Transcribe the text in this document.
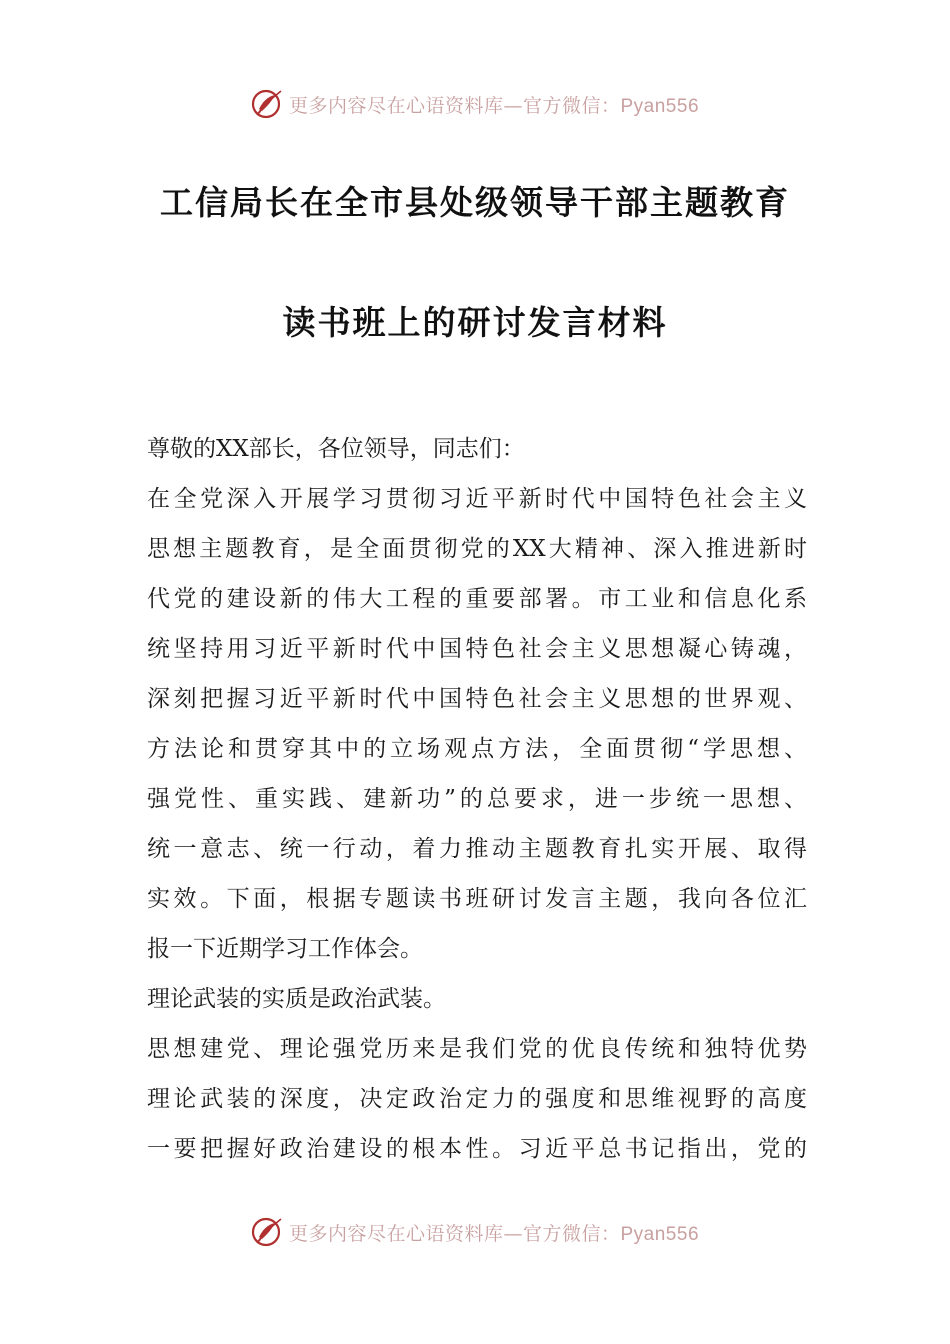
更多内容尽在心语资料库—官方微信：Pyan556
工信局长在全市县处级领导干部主题教育
读书班上的研讨发言材料
尊敬的XX部长，各位领导，同志们：
在全党深入开展学习贯彻习近平新时代中国特色社会主义
思想主题教育，是全面贯彻党的XX大精神、深入推进新时
代党的建设新的伟大工程的重要部署。市工业和信息化系
统坚持用习近平新时代中国特色社会主义思想凝心铸魂，
深刻把握习近平新时代中国特色社会主义思想的世界观、
方法论和贯穿其中的立场观点方法，全面贯彻“学思想、
强党性、重实践、建新功”的总要求，进一步统一思想、
统一意志、统一行动，着力推动主题教育扎实开展、取得
实效。下面，根据专题读书班研讨发言主题，我向各位汇
报一下近期学习工作体会。
理论武装的实质是政治武装。
思想建党、理论强党历来是我们党的优良传统和独特优势
理论武装的深度，决定政治定力的强度和思维视野的高度
一要把握好政治建设的根本性。习近平总书记指出，党的
更多内容尽在心语资料库—官方微信：Pyan556
